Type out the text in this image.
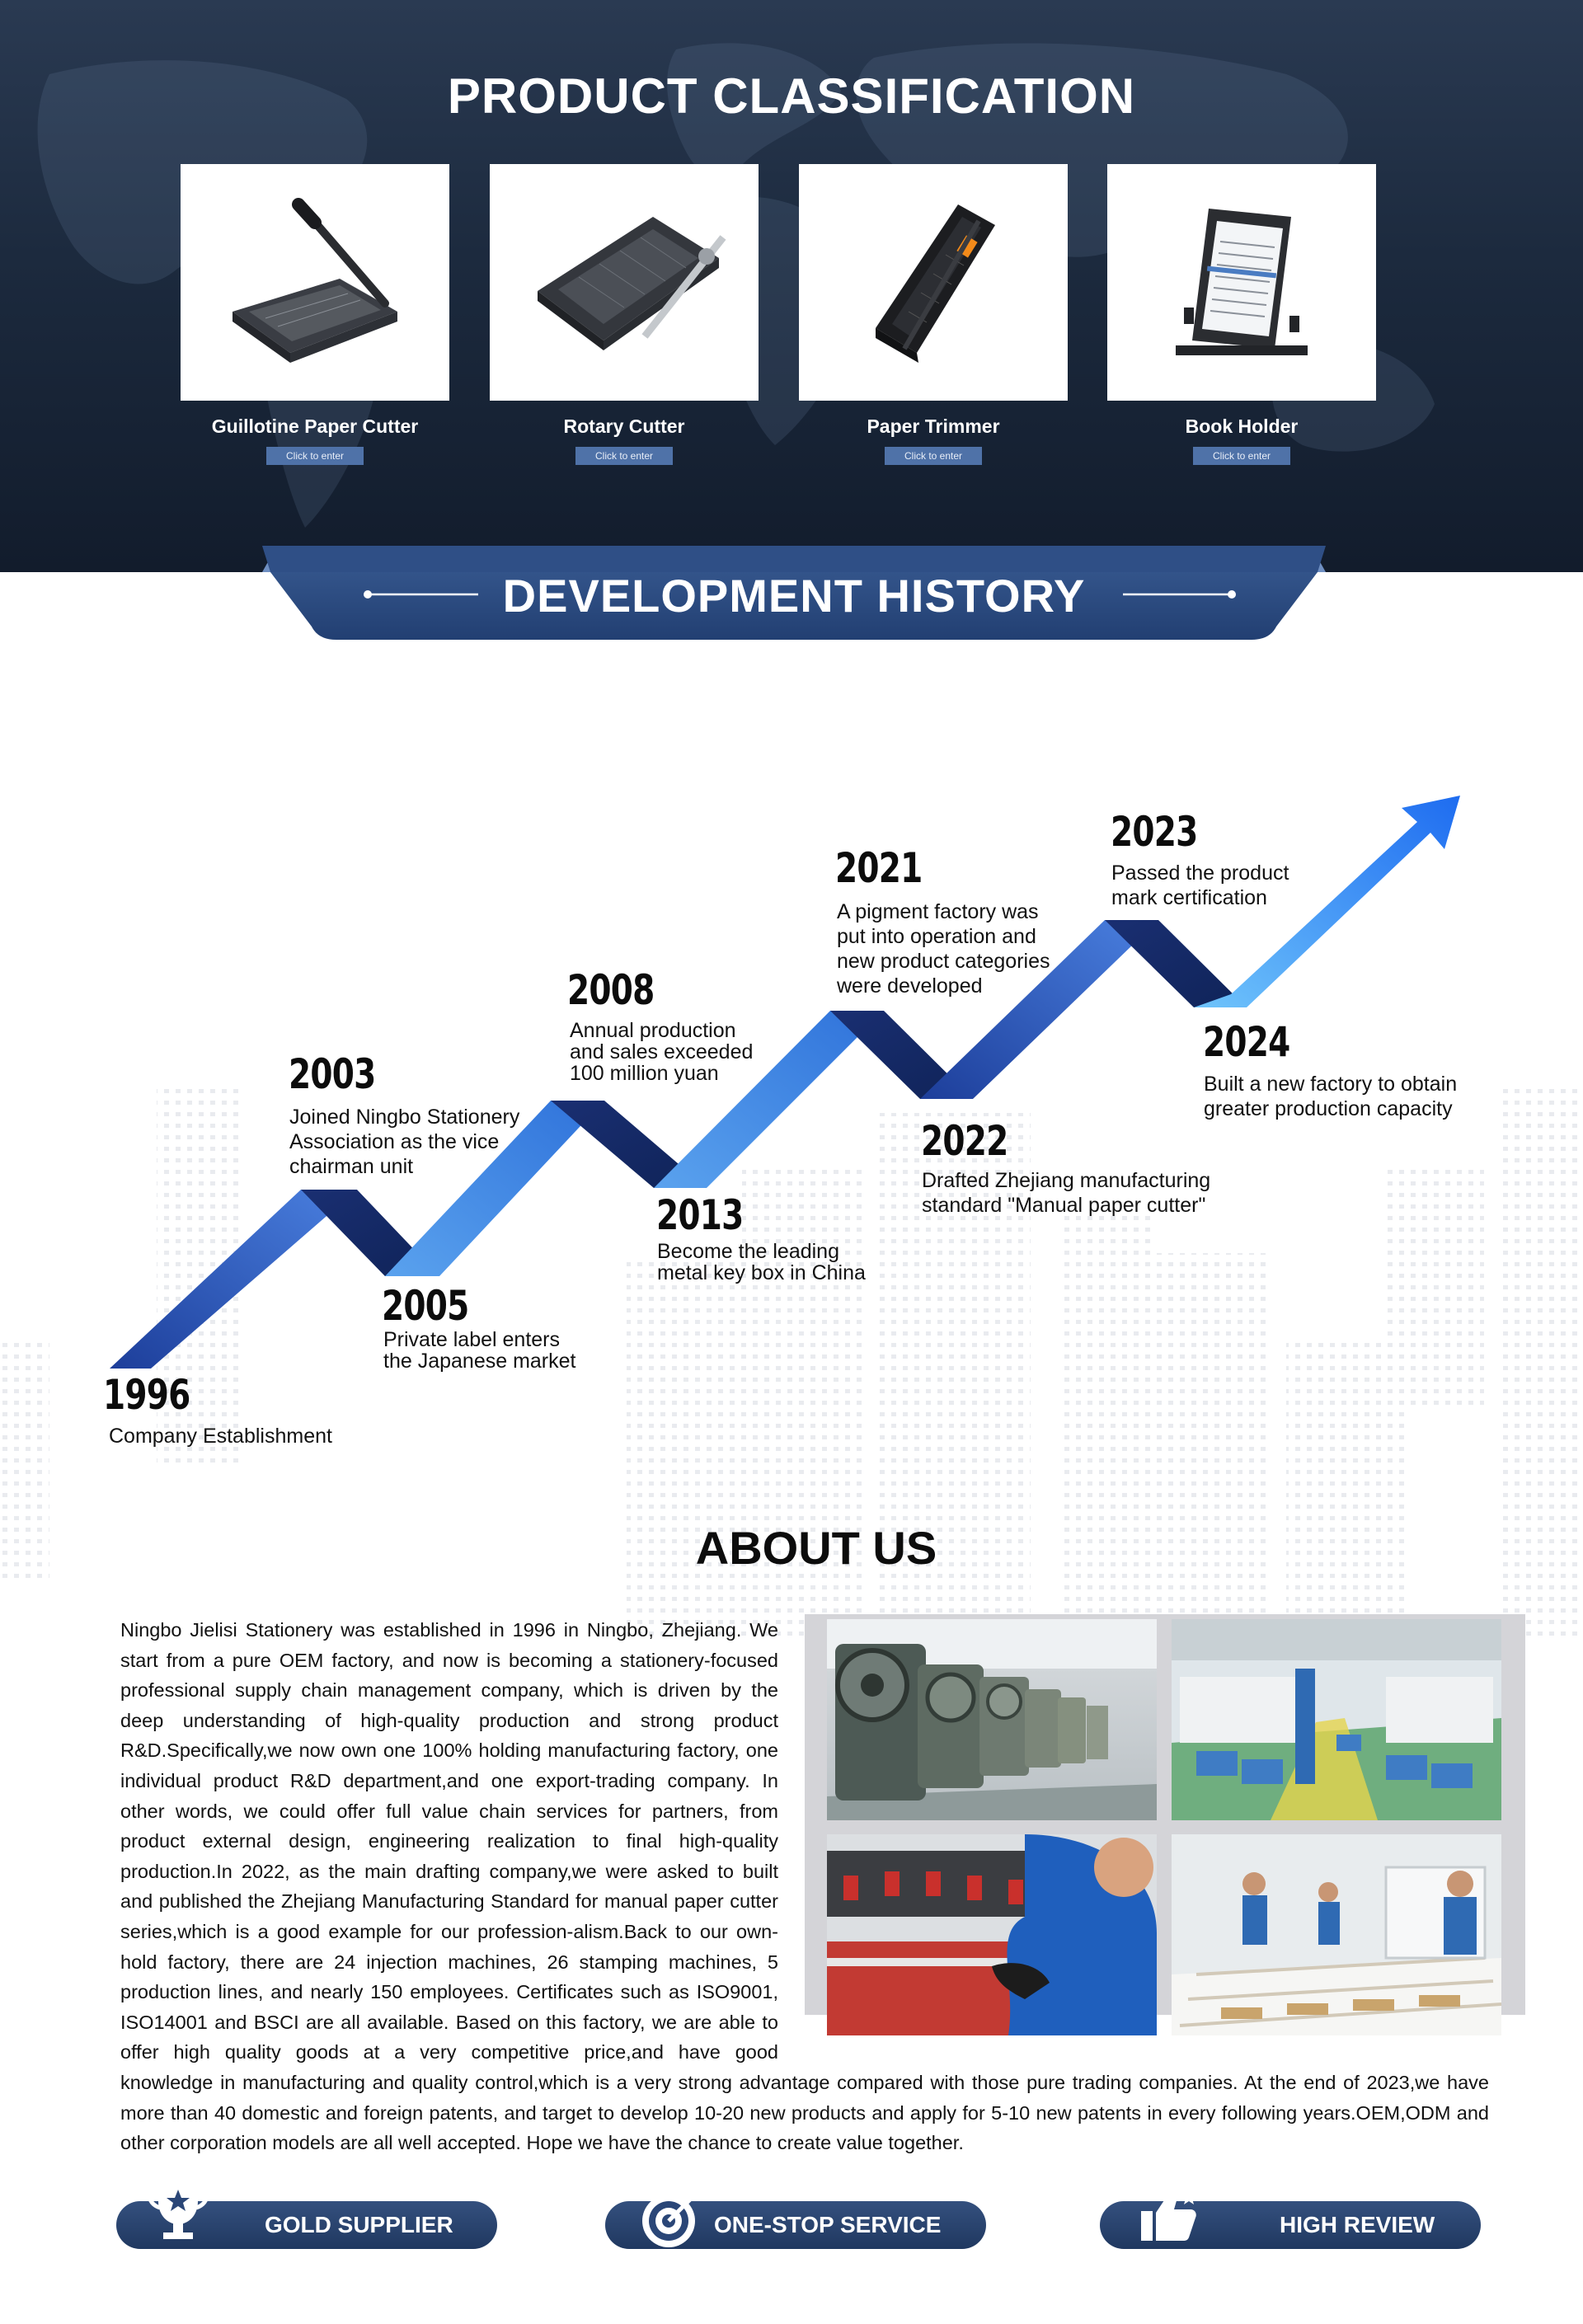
PRODUCT CLASSIFICATION
Guillotine Paper Cutter
Click to enter
Rotary Cutter
Click to enter
Paper Trimmer
Click to enter
Book Holder
Click to enter
DEVELOPMENT HISTORY
1996
Company Establishment
2003
Joined Ningbo Stationery
Association as the vice
chairman unit
2005
Private label enters
the Japanese market
2008
Annual production
and sales exceeded
100 million yuan
2013
Become the leading
metal key box in China
2021
A pigment factory was
put into operation and
new product categories
were developed
2022
Drafted Zhejiang manufacturing
standard "Manual paper cutter"
2023
Passed the product
mark certification
2024
Built a new factory to obtain
greater production capacity
ABOUT US
Ningbo Jielisi Stationery was established in 1996 in Ningbo, Zhejiang. We start from a pure OEM factory, and now is becoming a stationery-focused professional supply chain management company, which is driven by the deep understanding of high-quality production and strong product R&D.Specifically,we now own one 100% holding manufacturing factory, one individual product R&D department,and one export-trading company. In other words, we could offer full value chain services for partners, from product external design, engineering realization to final high-quality production.In 2022, as the main drafting company,we were asked to built and published the Zhejiang Manufacturing Standard for manual paper cutter series,which is a good example for our profession-alism.Back to our own-hold factory, there are 24 injection machines, 26 stamping machines, 5 production lines, and nearly 150 employees. Certificates such as ISO9001, ISO14001 and BSCI are all available. Based on this factory, we are able to offer high quality goods at a very competitive price,and have good knowledge in manufacturing and quality control,which is a very strong advantage compared with those pure trading companies. At the end of 2023,we have more than 40 domestic and foreign patents, and target to develop 10-20 new products and apply for 5-10 new patents in every following years.OEM,ODM and other corporation models are all well accepted. Hope we have the chance to create value together.
GOLD SUPPLIER	ONE-STOP SERVICE	HIGH REVIEW
